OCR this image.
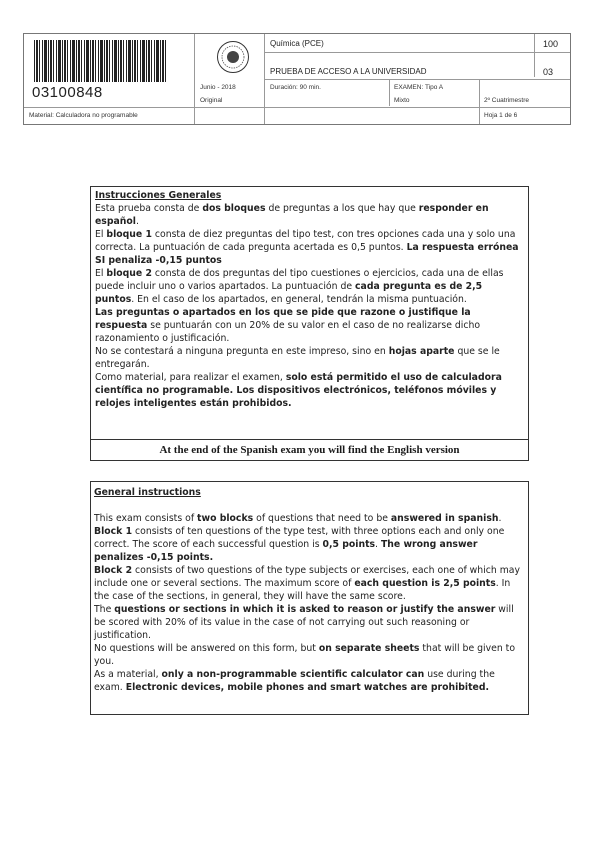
03100848	Junio - 2018
Original
Química (PCE)
PRUEBA DE ACCESO A LA UNIVERSIDAD
Duración: 90 min.	EXAMEN: Tipo A
Mixto	2º Cuatrimestre
100
03
Material: Calculadora no programable	Hoja 1 de 6

Instrucciones Generales

Esta prueba consta de dos bloques de preguntas a los que hay que responder en español.

El bloque 1 consta de diez preguntas del tipo test, con tres opciones cada una y solo una correcta. La puntuación de cada pregunta acertada es 0,5 puntos. La respuesta errónea SI penaliza -0,15 puntos

El bloque 2 consta de dos preguntas del tipo cuestiones o ejercicios, cada una de ellas puede incluir uno o varios apartados. La puntuación de cada pregunta es de 2,5 puntos. En el caso de los apartados, en general, tendrán la misma puntuación.

Las preguntas o apartados en los que se pide que razone o justifique la respuesta se puntuarán con un 20% de su valor en el caso de no realizarse dicho razonamiento o justificación.

No se contestará a ninguna pregunta en este impreso, sino en hojas aparte que se le entregarán.

Como material, para realizar el examen, solo está permitido el uso de calculadora científica no programable. Los dispositivos electrónicos, teléfonos móviles y relojes inteligentes están prohibidos.

At the end of the Spanish exam you will find the English version

General instructions

This exam consists of two blocks of questions that need to be answered in spanish.

Block 1 consists of ten questions of the type test, with three options each and only one correct. The score of each successful question is 0,5 points. The wrong answer penalizes -0,15 points.

Block 2 consists of two questions of the type subjects or exercises, each one of which may include one or several sections. The maximum score of each question is 2,5 points. In the case of the sections, in general, they will have the same score.

The questions or sections in which it is asked to reason or justify the answer will be scored with 20% of its value in the case of not carrying out such reasoning or justification.

No questions will be answered on this form, but on separate sheets that will be given to you.

As a material, only a non-programmable scientific calculator can use during the exam. Electronic devices, mobile phones and smart watches are prohibited.
